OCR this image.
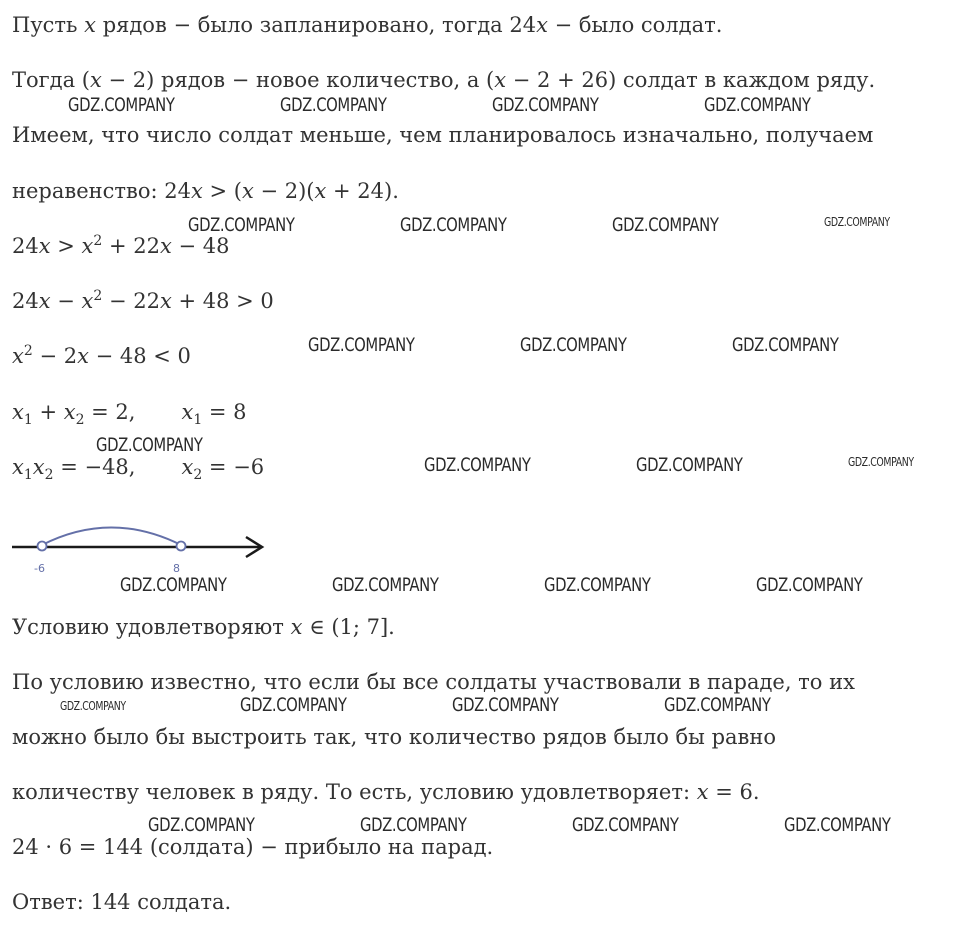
Пусть x рядов − было запланировано, тогда 24x − было солдат.
Тогда (x − 2) рядов − новое количество, а (x − 2 + 26) солдат в каждом ряду.
Имеем, что число солдат меньше, чем планировалось изначально, получаем
неравенство: 24x > (x − 2)(x + 24).
$24x > x^2 + 22x - 48$
$24x - x^2 - 22x + 48 > 0$
$x^2 - 2x - 48 < 0$
$x_1 + x_2 = 2$, $x_1 = 8$
$x_1x_2 = -48$, $x_2 = -6$
-6	8
Условию удовлетворяют x ∈ (1; 7].
По условию известно, что если бы все солдаты участвовали в параде, то их
можно было бы выстроить так, что количество рядов было бы равно
количеству человек в ряду. То есть, условию удовлетворяет: x = 6.
24 · 6 = 144 (солдата) − прибыло на парад.
Ответ: 144 солдата.
GDZ.COMPANY	GDZ.COMPANY	GDZ.COMPANY	GDZ.COMPANY
GDZ.COMPANY	GDZ.COMPANY	GDZ.COMPANY	GDZ.COMPANY
GDZ.COMPANY	GDZ.COMPANY	GDZ.COMPANY
GDZ.COMPANY
GDZ.COMPANY	GDZ.COMPANY	GDZ.COMPANY
GDZ.COMPANY	GDZ.COMPANY	GDZ.COMPANY	GDZ.COMPANY
GDZ.COMPANY	GDZ.COMPANY	GDZ.COMPANY	GDZ.COMPANY
GDZ.COMPANY	GDZ.COMPANY	GDZ.COMPANY	GDZ.COMPANY
